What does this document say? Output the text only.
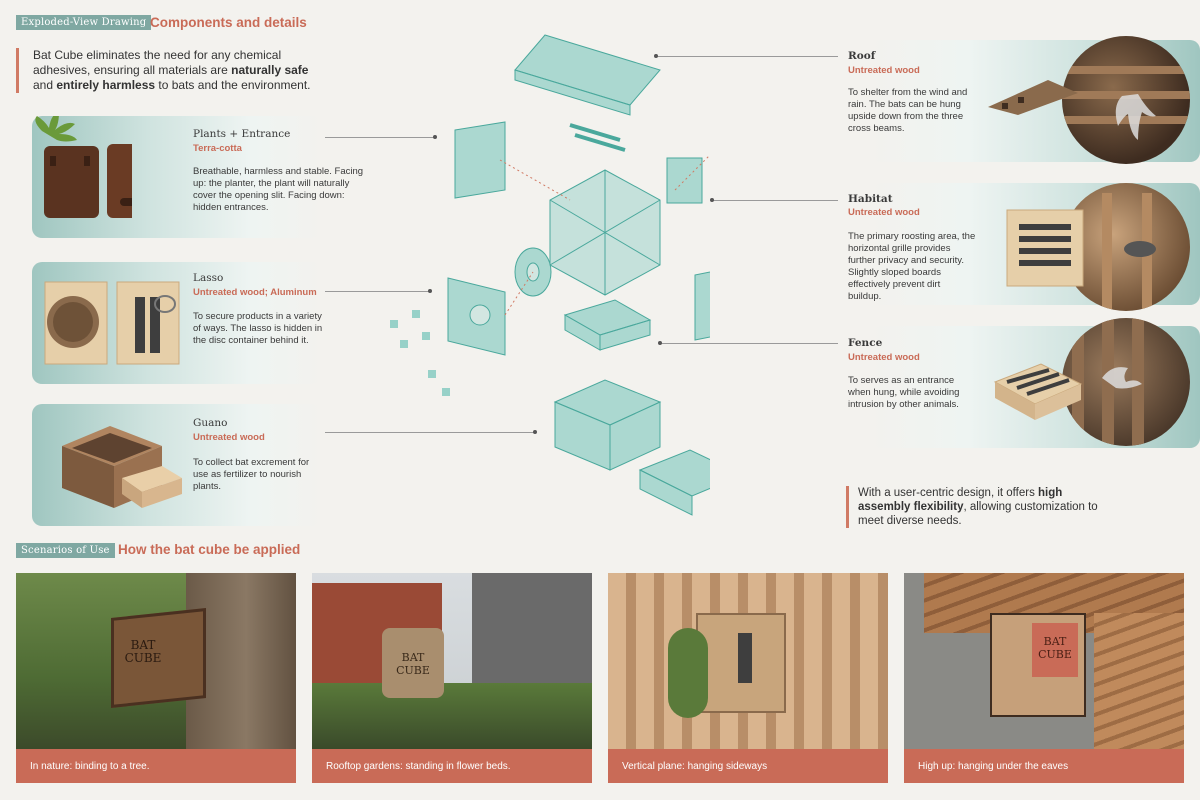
Exploded-View Drawing Components and details
Bat Cube eliminates the need for any chemical
adhesives, ensuring all materials are naturally safe
and entirely harmless to bats and the environment.
Plants + Entrance
Terra-cotta
Breathable, harmless and stable. Facing up: the planter, the plant will naturally cover the opening slit. Facing down: hidden entrances.
Lasso
Untreated wood; Aluminum
To secure products in a variety of ways. The lasso is hidden in the disc container behind it.
Guano
Untreated wood
To collect bat excrement for use as fertilizer to nourish plants.
Roof
Untreated wood
To shelter from the wind and rain. The bats can be hung upside down from the three cross beams.
Habitat
Untreated wood
The primary roosting area, the horizontal grille provides further privacy and security. Slightly sloped boards effectively prevent dirt buildup.
Fence
Untreated wood
To serves as an entrance when hung, while avoiding intrusion by other animals.
With a user-centric design, it offers high assembly flexibility, allowing customization to meet diverse needs.
Scenarios of Use How the bat cube be applied
BAT CUBE
In nature: binding to a tree.
BAT CUBE
Rooftop gardens: standing in flower beds.	Vertical plane: hanging sideways
BAT CUBE
High up: hanging under the eaves
